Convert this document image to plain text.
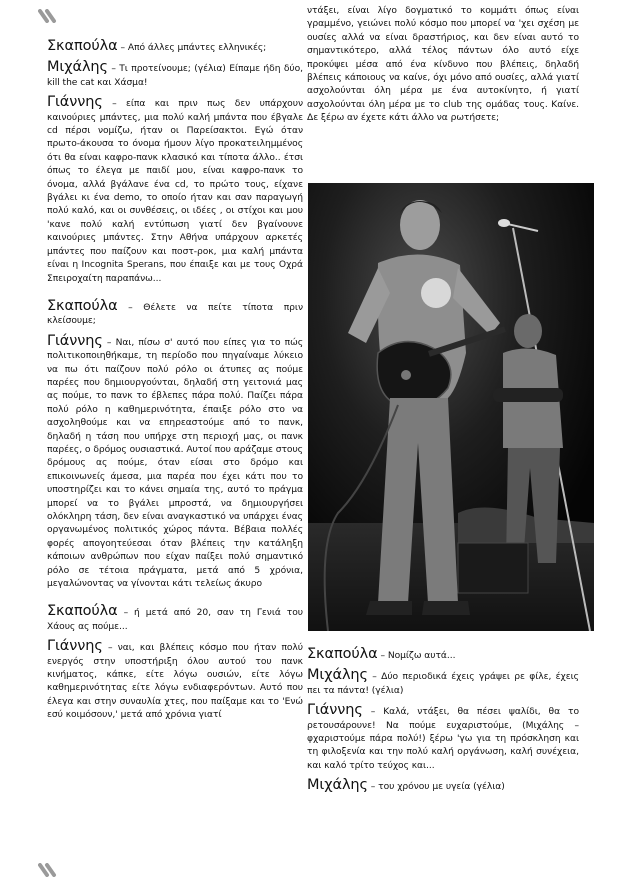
Σκαπούλα – Από άλλες μπάντες ελληνικές;

Μιχάλης – Τι προτείνουμε; (γέλια) Είπαμε ήδη δύο, kill the cat και Χάσμα!

Γιάννης – είπα και πριν πως δεν υπάρχουν καινούριες μπάντες, μια πολύ καλή μπάντα που έβγαλε cd πέρσι νομίζω, ήταν οι Παρείσακτοι. Εγώ όταν πρωτο-άκουσα το όνομα ήμουν λίγο προκατειλημμένος ότι θα είναι καφρο-πανκ κλασικό και τίποτα άλλο.. έτσι όπως το έλεγα με παιδί μου, είναι καφρο-πανκ το όνομα, αλλά βγάλανε ένα cd, το πρώτο τους, είχανε βγάλει κι ένα demo, το οποίο ήταν και σαν παραγωγή πολύ καλό, και οι συνθέσεις, οι ιδέες , οι στίχοι και μου 'κανε πολύ καλή εντύπωση γιατί δεν βγαίνουνε καινούριες μπάντες. Στην Αθήνα υπάρχουν αρκετές μπάντες που παίζουν και ποστ-ροκ, μια καλή μπάντα είναι η Incognita Sperans, που έπαιξε και με τους Οχρά Σπειροχαίτη παραπάνω...

Σκαπούλα – Θέλετε να πείτε τίποτα πριν κλείσουμε;

Γιάννης – Ναι, πίσω σ' αυτό που είπες για το πώς πολιτικοποιηθήκαμε, τη περίοδο που πηγαίναμε λύκειο να πω ότι παίζουν πολύ ρόλο οι άτυπες ας πούμε παρέες που δημιουργούνται, δηλαδή στη γειτονιά μας ας πούμε, το πανκ το έβλεπες πάρα πολύ. Παίζει πάρα πολύ ρόλο η καθημερινότητα, έπαιξε ρόλο στο να ασχοληθούμε και να επηρεαστούμε από το πανκ, δηλαδή η τάση που υπήρχε στη περιοχή μας, οι πανκ παρέες, ο δρόμος ουσιαστικά. Αυτοί που αράζαμε στους δρόμους ας πούμε, όταν είσαι στο δρόμο και επικοινωνείς άμεσα, μια παρέα που έχει κάτι που το υποστηρίζει και το κάνει σημαία της, αυτό το πράγμα μπορεί να το βγάλει μπροστά, να δημιουργήσει ολόκληρη τάση, δεν είναι αναγκαστικό να υπάρχει ένας οργανωμένος πολιτικός χώρος πάντα. Βέβαια πολλές φορές απογοητεύεσαι όταν βλέπεις την κατάληξη κάποιων ανθρώπων που είχαν παίξει πολύ σημαντικό ρόλο σε τέτοια πράγματα, μετά από 5 χρόνια, μεγαλώνοντας να γίνονται κάτι τελείως άκυρο

Σκαπούλα – ή μετά από 20, σαν τη Γενιά του Χάους ας πούμε...

Γιάννης – ναι, και βλέπεις κόσμο που ήταν πολύ ενεργός στην υποστήριξη όλου αυτού του πανκ κινήματος, κάπκε, είτε λόγω ουσιών, είτε λόγω καθημερινότητας είτε λόγω ενδιαφερόντων. Αυτό που έλεγα και στην συναυλία χτες, που παίξαμε και το 'Ενώ εσύ κοιμόσουν,' μετά από χρόνια γιατί

ντάξει, είναι λίγο δογματικό το κομμάτι όπως είναι γραμμένο, γειώνει πολύ κόσμο που μπορεί να 'χει σχέση με ουσίες αλλά να είναι δραστήριος, και δεν είναι αυτό το σημαντικότερο, αλλά τέλος πάντων όλο αυτό είχε προκύψει μέσα από ένα κίνδυνο που βλέπεις, δηλαδή βλέπεις κάποιους να καίνε, όχι μόνο από ουσίες, αλλά γιατί ασχολούνται όλη μέρα με ένα αυτοκίνητο, ή γιατί ασχολούνται όλη μέρα με το club της ομάδας τους. Καίνε. Δε ξέρω αν έχετε κάτι άλλο να ρωτήσετε;

Σκαπούλα – Νομίζω αυτά...

Μιχάλης – Δύο περιοδικά έχεις γράψει ρε φίλε, έχεις πει τα πάντα! (γέλια)

Γιάννης – Καλά, ντάξει, θα πέσει ψαλίδι, θα το ρετουσάρουνε! Να πούμε ευχαριστούμε, (Μιχάλης – φχαριστούμε πάρα πολύ!) ξέρω 'γω για τη πρόσκληση και τη φιλοξενία και την πολύ καλή οργάνωση, καλή συνέχεια, και καλό τρίτο τεύχος και...

Μιχάλης – του χρόνου με υγεία (γέλια)
